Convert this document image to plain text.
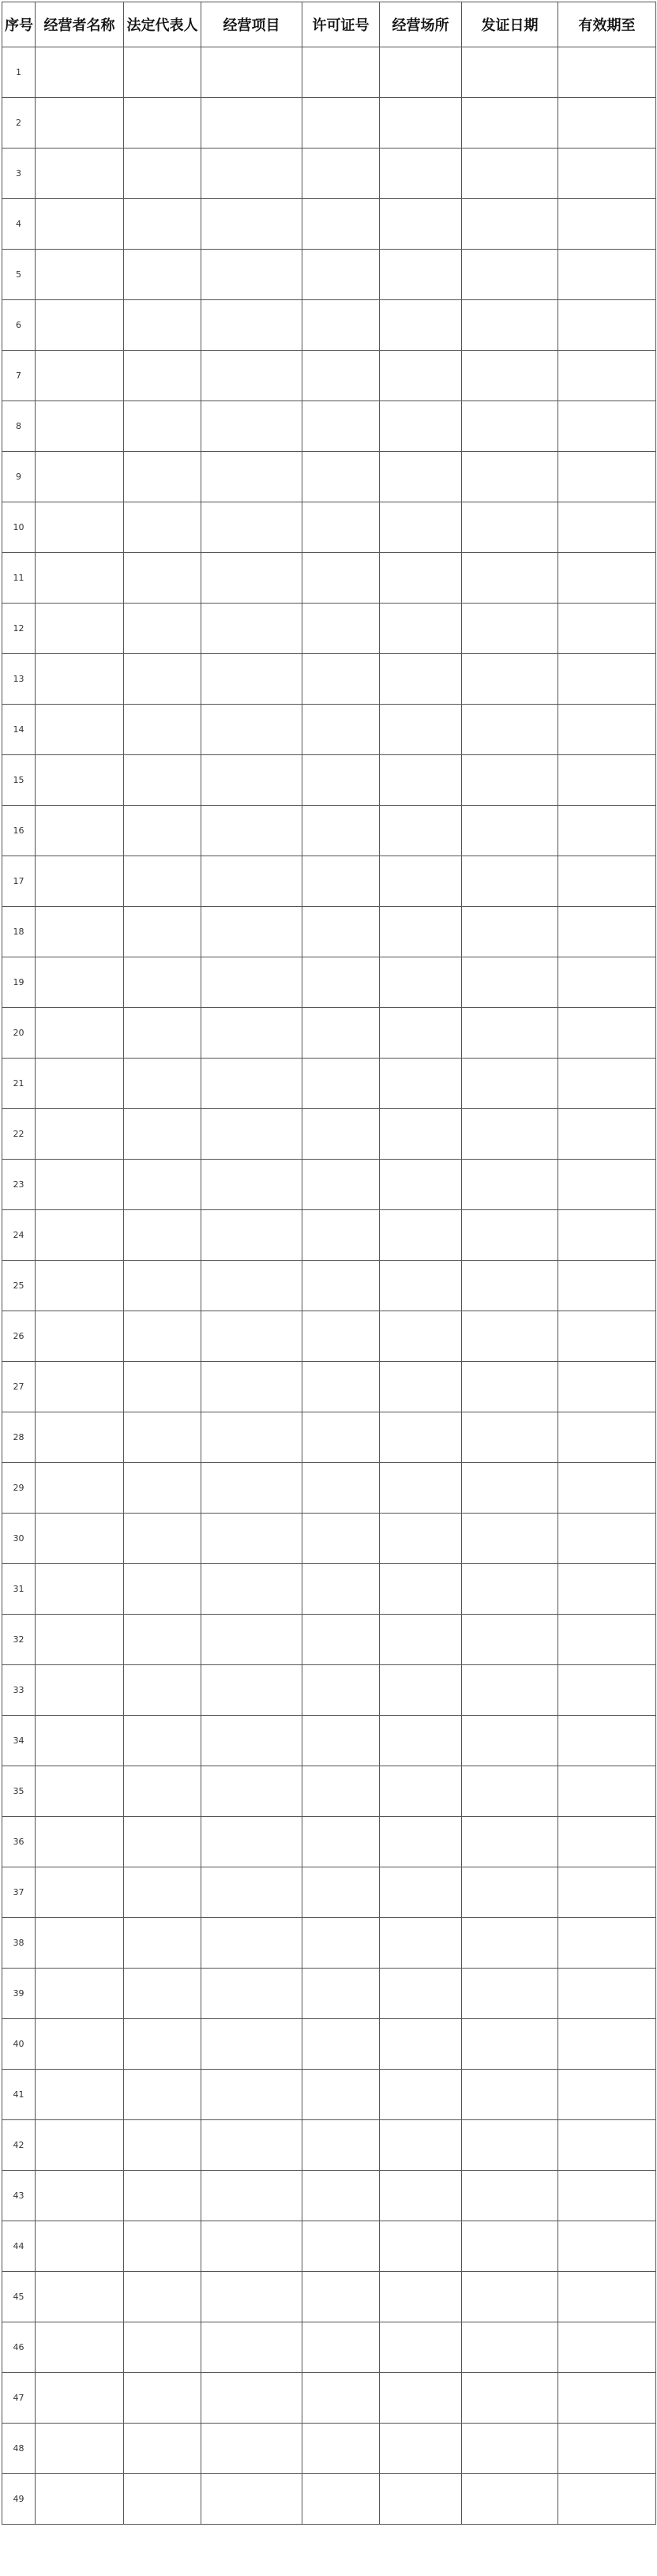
序号	经营者名称	法定代表人	经营项目	许可证号	经营场所	发证日期	有效期至
1							
2							
3							
4							
5							
6							
7							
8							
9							
10							
11							
12							
13							
14							
15							
16							
17							
18							
19							
20							
21							
22							
23							
24							
25							
26							
27							
28							
29							
30							
31							
32							
33							
34							
35							
36							
37							
38							
39							
40							
41							
42							
43							
44							
45							
46							
47							
48							
49							
